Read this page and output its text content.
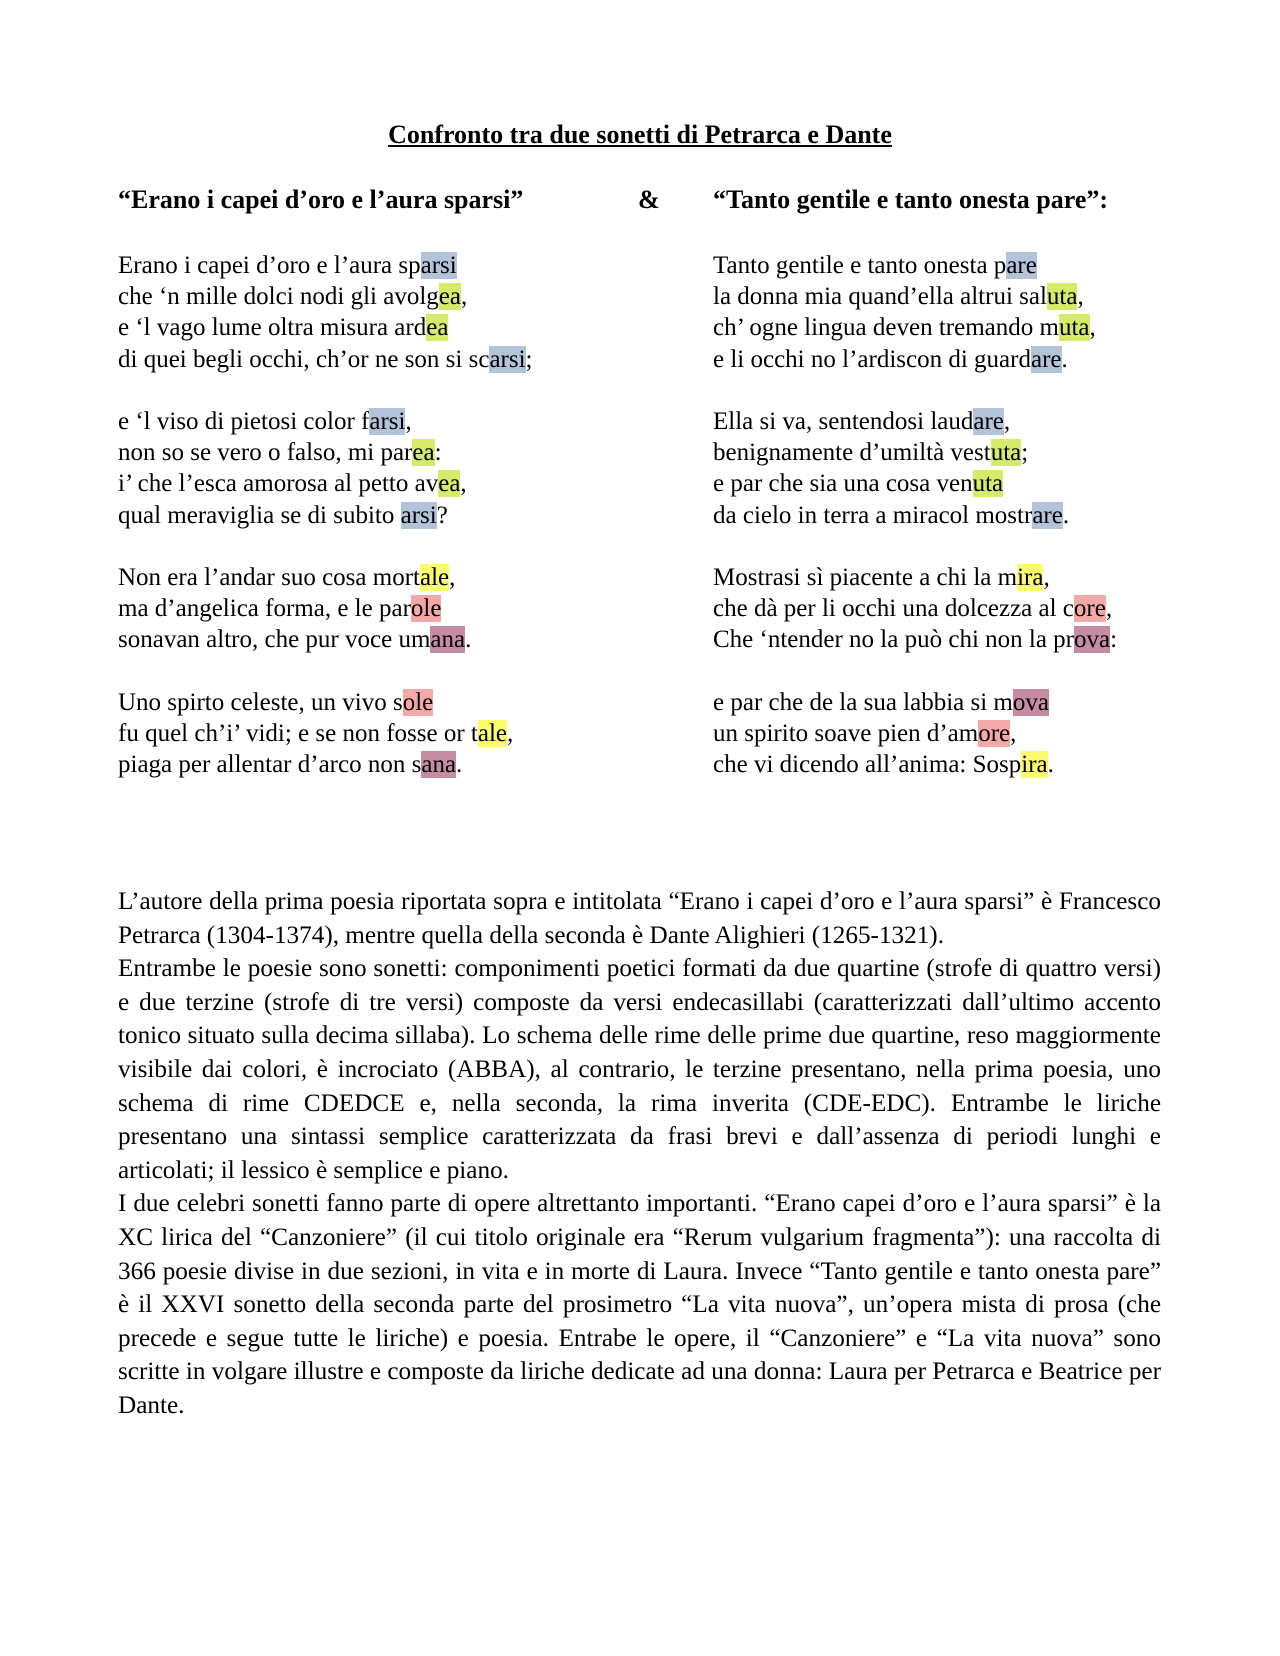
Confronto tra due sonetti di Petrarca e Dante
“Erano i capei d’oro e l’aura sparsi”	& “Tanto gentile e tanto onesta pare”:
Erano i capei d’oro e l’aura sparsi
che ‘n mille dolci nodi gli avolgea,
e ‘l vago lume oltra misura ardea
di quei begli occhi, ch’or ne son si scarsi;
e ‘l viso di pietosi color farsi,
non so se vero o falso, mi parea:
i’ che l’esca amorosa al petto avea,
qual meraviglia se di subito arsi?
Non era l’andar suo cosa mortale,
ma d’angelica forma, e le parole
sonavan altro, che pur voce umana.
Uno spirto celeste, un vivo sole
fu quel ch’i’ vidi; e se non fosse or tale,
piaga per allentar d’arco non sana.
Tanto gentile e tanto onesta pare
la donna mia quand’ella altrui saluta,
ch’ ogne lingua deven tremando muta,
e li occhi no l’ardiscon di guardare.
Ella si va, sentendosi laudare,
benignamente d’umiltà vestuta;
e par che sia una cosa venuta
da cielo in terra a miracol mostrare.
Mostrasi sì piacente a chi la mira,
che dà per li occhi una dolcezza al core,
Che ‘ntender no la può chi non la prova:
e par che de la sua labbia si mova
un spirito soave pien d’amore,
che vi dicendo all’anima: Sospira.

L’autore della prima poesia riportata sopra e intitolata “Erano i capei d’oro e l’aura sparsi” è Francesco Petrarca (1304-1374), mentre quella della seconda è Dante Alighieri (1265-1321).

Entrambe le poesie sono sonetti: componimenti poetici formati da due quartine (strofe di quattro versi) e due terzine (strofe di tre versi) composte da versi endecasillabi (caratterizzati dall’ultimo accento tonico situato sulla decima sillaba). Lo schema delle rime delle prime due quartine, reso maggiormente visibile dai colori, è incrociato (ABBA), al contrario, le terzine presentano, nella prima poesia, uno schema di rime CDEDCE e, nella seconda, la rima inverita (CDE-EDC). Entrambe le liriche presentano una sintassi semplice caratterizzata da frasi brevi e dall’assenza di periodi lunghi e articolati; il lessico è semplice e piano.

I due celebri sonetti fanno parte di opere altrettanto importanti. “Erano capei d’oro e l’aura sparsi” è la XC lirica del “Canzoniere” (il cui titolo originale era “Rerum vulgarium fragmenta”): una raccolta di 366 poesie divise in due sezioni, in vita e in morte di Laura. Invece “Tanto gentile e tanto onesta pare” è il XXVI sonetto della seconda parte del prosimetro “La vita nuova”, un’opera mista di prosa (che precede e segue tutte le liriche) e poesia. Entrabe le opere, il “Canzoniere” e “La vita nuova” sono scritte in volgare illustre e composte da liriche dedicate ad una donna: Laura per Petrarca e Beatrice per Dante.
